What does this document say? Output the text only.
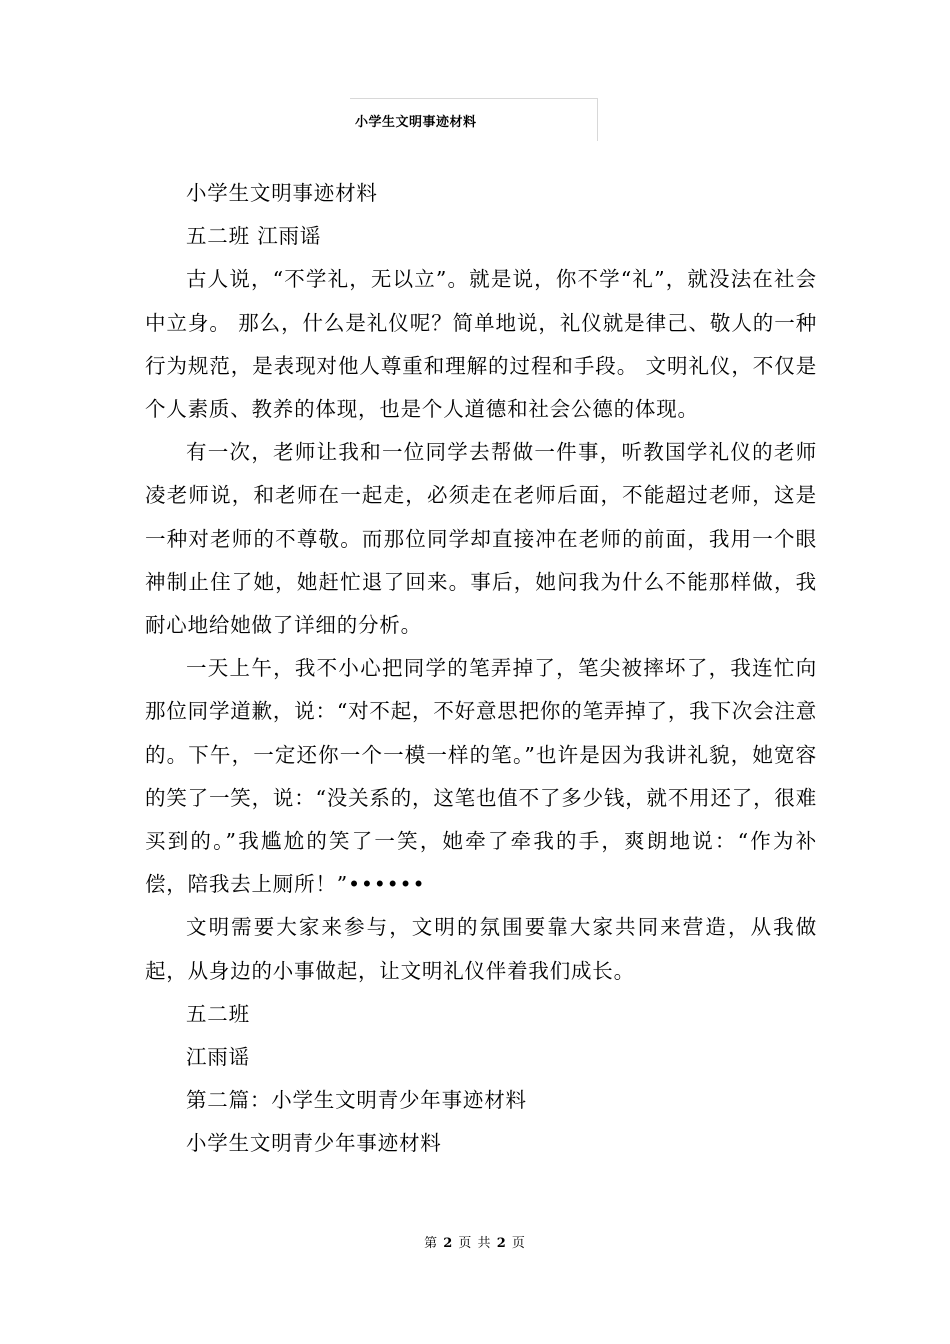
小学生文明事迹材料

小学生文明事迹材料

五二班 江雨谣

古人说，“不学礼，无以立”。就是说，你不学“礼”，就没法在社会中立身。 那么，什么是礼仪呢？简单地说，礼仪就是律己、敬人的一种行为规范，是表现对他人尊重和理解的过程和手段。 文明礼仪，不仅是个人素质、教养的体现，也是个人道德和社会公德的体现。

有一次，老师让我和一位同学去帮做一件事，听教国学礼仪的老师凌老师说，和老师在一起走，必须走在老师后面，不能超过老师，这是一种对老师的不尊敬。而那位同学却直接冲在老师的前面，我用一个眼神制止住了她，她赶忙退了回来。事后，她问我为什么不能那样做，我耐心地给她做了详细的分析。

一天上午，我不小心把同学的笔弄掉了，笔尖被摔坏了，我连忙向那位同学道歉，说：“对不起，不好意思把你的笔弄掉了，我下次会注意的。下午，一定还你一个一模一样的笔。”也许是因为我讲礼貌，她宽容的笑了一笑，说：“没关系的，这笔也值不了多少钱，就不用还了，很难买到的。”我尴尬的笑了一笑，她牵了牵我的手，爽朗地说：“作为补偿，陪我去上厕所！”••••••

文明需要大家来参与，文明的氛围要靠大家共同来营造，从我做起，从身边的小事做起，让文明礼仪伴着我们成长。

五二班

江雨谣

第二篇：小学生文明青少年事迹材料

小学生文明青少年事迹材料

第 2 页 共 2 页
